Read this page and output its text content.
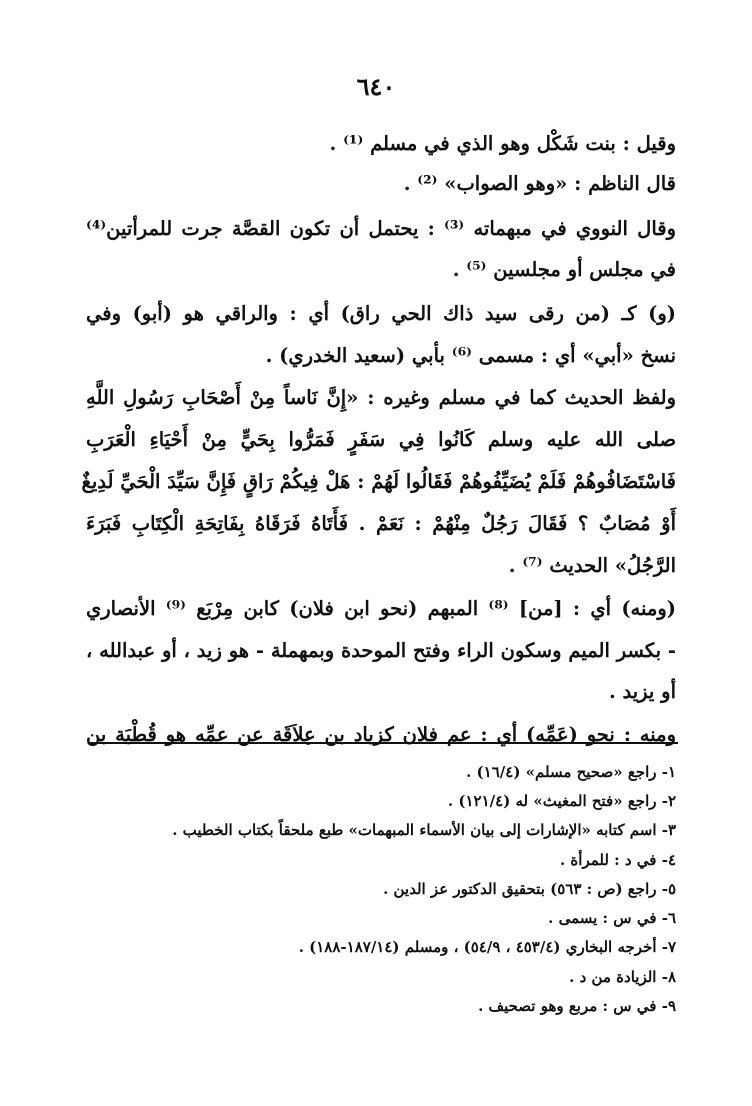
٦٤٠
وقيل : بنت شَكْل وهو الذي في مسلم ⁽¹⁾ .
قال الناظم : «وهو الصواب» ⁽²⁾ .
وقال النووي في مبهماته ⁽³⁾ : يحتمل أن تكون القصَّة جرت للمرأتين⁽⁴⁾
في مجلس أو مجلسين ⁽⁵⁾ .
(و) كـ (من رقى سيد ذاك الحي راق) أي : والراقي هو (أبو) وفي
نسخ «أبي» أي : مسمى ⁽⁶⁾ بأبي (سعيد الخدري) .
ولفظ الحديث كما في مسلم وغيره : «إِنَّ نَاساً مِنْ أَصْحَابِ رَسُولِ اللَّهِ
صلى الله عليه وسلم كَانُوا فِي سَفَرٍ فَمَرُّوا بِحَيٍّ مِنْ أَحْيَاءِ الْعَرَبِ
فَاسْتَضَافُوهُمْ فَلَمْ يُضَيِّفُوهُمْ فَقَالُوا لَهُمْ : هَلْ فِيكُمْ رَاقٍ فَإِنَّ سَيِّدَ الْحَيِّ لَدِيغٌ
أَوْ مُصَابٌ ؟ فَقَالَ رَجُلٌ مِنْهُمْ : نَعَمْ . فَأَتَاهُ فَرَقَاهُ بِفَاتِحَةِ الْكِتَابِ فَبَرَءَ
الرَّجُلُ» الحديث ⁽⁷⁾ .
(ومنه) أي : [من] ⁽⁸⁾ المبهم (نحو ابن فلان) كابن مِرْبَع ⁽⁹⁾ الأنصاري
- بكسر الميم وسكون الراء وفتح الموحدة وبمهملة - هو زيد ، أو عبدالله ،
أو يزيد .
ومنه : نحو (عَمِّه) أي : عم فلان كزياد بن عِلاَقَة عن عمِّه هو قُطْبَة بن
١- راجع «صحيح مسلم» (١٦/٤) .
٢- راجع «فتح المغيث» له (١٢١/٤) .
٣- اسم كتابه «الإشارات إلى بيان الأسماء المبهمات» طبع ملحقاً بكتاب الخطيب .
٤- في د : للمرأة .
٥- راجع (ص : ٥٦٣) بتحقيق الدكتور عز الدين .
٦- في س : يسمى .
٧- أخرجه البخاري (٤٥٣/٤ ، ٥٤/٩) ، ومسلم (١٨٧/١٤-١٨٨) .
٨- الزيادة من د .
٩- في س : مربع وهو تصحيف .
